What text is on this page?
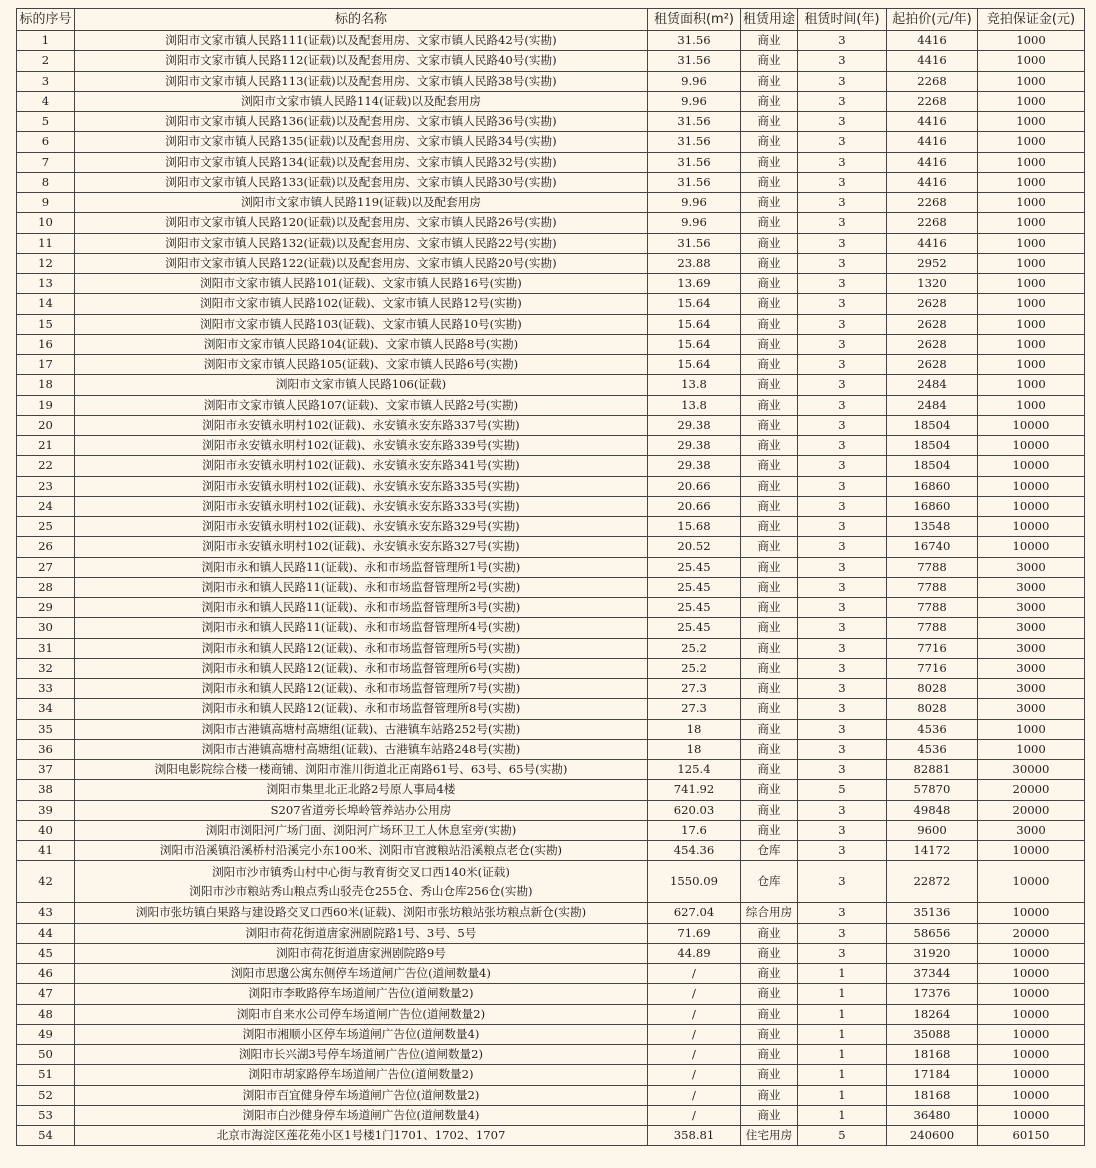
标的序号	标的名称	租赁面积(m²)	租赁用途	租赁时间(年)	起拍价(元/年)	竞拍保证金(元)
1	浏阳市文家市镇人民路111(证载)以及配套用房、文家市镇人民路42号(实勘)	31.56	商业	3	4416	1000
2	浏阳市文家市镇人民路112(证载)以及配套用房、文家市镇人民路40号(实勘)	31.56	商业	3	4416	1000
3	浏阳市文家市镇人民路113(证载)以及配套用房、文家市镇人民路38号(实勘)	9.96	商业	3	2268	1000
4	浏阳市文家市镇人民路114(证载)以及配套用房	9.96	商业	3	2268	1000
5	浏阳市文家市镇人民路136(证载)以及配套用房、文家市镇人民路36号(实勘)	31.56	商业	3	4416	1000
6	浏阳市文家市镇人民路135(证载)以及配套用房、文家市镇人民路34号(实勘)	31.56	商业	3	4416	1000
7	浏阳市文家市镇人民路134(证载)以及配套用房、文家市镇人民路32号(实勘)	31.56	商业	3	4416	1000
8	浏阳市文家市镇人民路133(证载)以及配套用房、文家市镇人民路30号(实勘)	31.56	商业	3	4416	1000
9	浏阳市文家市镇人民路119(证载)以及配套用房	9.96	商业	3	2268	1000
10	浏阳市文家市镇人民路120(证载)以及配套用房、文家市镇人民路26号(实勘)	9.96	商业	3	2268	1000
11	浏阳市文家市镇人民路132(证载)以及配套用房、文家市镇人民路22号(实勘)	31.56	商业	3	4416	1000
12	浏阳市文家市镇人民路122(证载)以及配套用房、文家市镇人民路20号(实勘)	23.88	商业	3	2952	1000
13	浏阳市文家市镇人民路101(证载)、文家市镇人民路16号(实勘)	13.69	商业	3	1320	1000
14	浏阳市文家市镇人民路102(证载)、文家市镇人民路12号(实勘)	15.64	商业	3	2628	1000
15	浏阳市文家市镇人民路103(证载)、文家市镇人民路10号(实勘)	15.64	商业	3	2628	1000
16	浏阳市文家市镇人民路104(证载)、文家市镇人民路8号(实勘)	15.64	商业	3	2628	1000
17	浏阳市文家市镇人民路105(证载)、文家市镇人民路6号(实勘)	15.64	商业	3	2628	1000
18	浏阳市文家市镇人民路106(证载)	13.8	商业	3	2484	1000
19	浏阳市文家市镇人民路107(证载)、文家市镇人民路2号(实勘)	13.8	商业	3	2484	1000
20	浏阳市永安镇永明村102(证载)、永安镇永安东路337号(实勘)	29.38	商业	3	18504	10000
21	浏阳市永安镇永明村102(证载)、永安镇永安东路339号(实勘)	29.38	商业	3	18504	10000
22	浏阳市永安镇永明村102(证载)、永安镇永安东路341号(实勘)	29.38	商业	3	18504	10000
23	浏阳市永安镇永明村102(证载)、永安镇永安东路335号(实勘)	20.66	商业	3	16860	10000
24	浏阳市永安镇永明村102(证载)、永安镇永安东路333号(实勘)	20.66	商业	3	16860	10000
25	浏阳市永安镇永明村102(证载)、永安镇永安东路329号(实勘)	15.68	商业	3	13548	10000
26	浏阳市永安镇永明村102(证载)、永安镇永安东路327号(实勘)	20.52	商业	3	16740	10000
27	浏阳市永和镇人民路11(证载)、永和市场监督管理所1号(实勘)	25.45	商业	3	7788	3000
28	浏阳市永和镇人民路11(证载)、永和市场监督管理所2号(实勘)	25.45	商业	3	7788	3000
29	浏阳市永和镇人民路11(证载)、永和市场监督管理所3号(实勘)	25.45	商业	3	7788	3000
30	浏阳市永和镇人民路11(证载)、永和市场监督管理所4号(实勘)	25.45	商业	3	7788	3000
31	浏阳市永和镇人民路12(证载)、永和市场监督管理所5号(实勘)	25.2	商业	3	7716	3000
32	浏阳市永和镇人民路12(证载)、永和市场监督管理所6号(实勘)	25.2	商业	3	7716	3000
33	浏阳市永和镇人民路12(证载)、永和市场监督管理所7号(实勘)	27.3	商业	3	8028	3000
34	浏阳市永和镇人民路12(证载)、永和市场监督管理所8号(实勘)	27.3	商业	3	8028	3000
35	浏阳市古港镇高塘村高塘组(证载)、古港镇车站路252号(实勘)	18	商业	3	4536	1000
36	浏阳市古港镇高塘村高塘组(证载)、古港镇车站路248号(实勘)	18	商业	3	4536	1000
37	浏阳电影院综合楼一楼商铺、浏阳市淮川街道北正南路61号、63号、65号(实勘)	125.4	商业	3	82881	30000
38	浏阳市集里北正北路2号原人事局4楼	741.92	商业	5	57870	20000
39	S207省道旁长埠岭管养站办公用房	620.03	商业	3	49848	20000
40	浏阳市浏阳河广场门面、浏阳河广场环卫工人休息室旁(实勘)	17.6	商业	3	9600	3000
41	浏阳市沿溪镇沿溪桥村沿溪完小东100米、浏阳市官渡粮站沿溪粮点老仓(实勘)	454.36	仓库	3	14172	10000
42	浏阳市沙市镇秀山村中心街与教育街交叉口西140米(证载)
浏阳市沙市粮站秀山粮点秀山驳壳仓255仓、秀山仓库256仓(实勘)	1550.09	仓库	3	22872	10000
43	浏阳市张坊镇白果路与建设路交叉口西60米(证载)、浏阳市张坊粮站张坊粮点新仓(实勘)	627.04	综合用房	3	35136	10000
44	浏阳市荷花街道唐家洲剧院路1号、3号、5号	71.69	商业	3	58656	20000
45	浏阳市荷花街道唐家洲剧院路9号	44.89	商业	3	31920	10000
46	浏阳市思邈公寓东侧停车场道闸广告位(道闸数量4)	/	商业	1	37344	10000
47	浏阳市李畋路停车场道闸广告位(道闸数量2)	/	商业	1	17376	10000
48	浏阳市自来水公司停车场道闸广告位(道闸数量2)	/	商业	1	18264	10000
49	浏阳市湘顺小区停车场道闸广告位(道闸数量4)	/	商业	1	35088	10000
50	浏阳市长兴湖3号停车场道闸广告位(道闸数量2)	/	商业	1	18168	10000
51	浏阳市胡家路停车场道闸广告位(道闸数量2)	/	商业	1	17184	10000
52	浏阳市百宜健身停车场道闸广告位(道闸数量2)	/	商业	1	18168	10000
53	浏阳市白沙健身停车场道闸广告位(道闸数量4)	/	商业	1	36480	10000
54	北京市海淀区莲花苑小区1号楼1门1701、1702、1707	358.81	住宅用房	5	240600	60150
